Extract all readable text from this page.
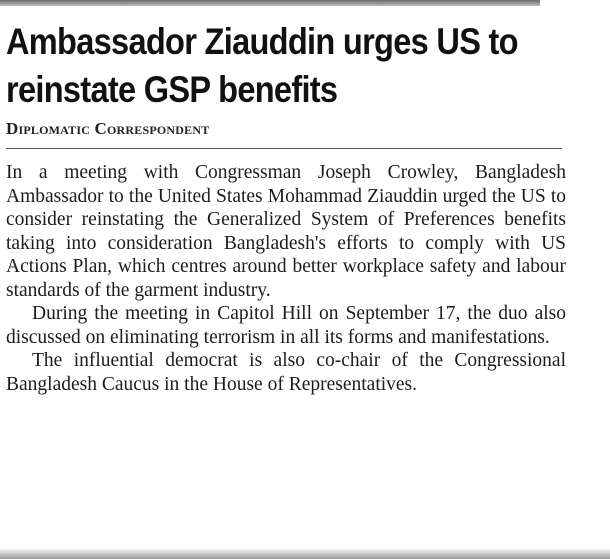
Ambassador Ziauddin urges US to reinstate GSP benefits
Diplomatic Correspondent

In a meeting with Congressman Joseph Crowley, Bangladesh Ambassador to the United States Mohammad Ziauddin urged the US to consider reinstating the Generalized System of Preferences benefits taking into consideration Bangladesh's efforts to comply with US Actions Plan, which centres around better workplace safety and labour standards of the garment industry.

During the meeting in Capitol Hill on September 17, the duo also discussed on eliminating terrorism in all its forms and manifestations.

The influential democrat is also co-chair of the Congressional Bangladesh Caucus in the House of Representatives.
